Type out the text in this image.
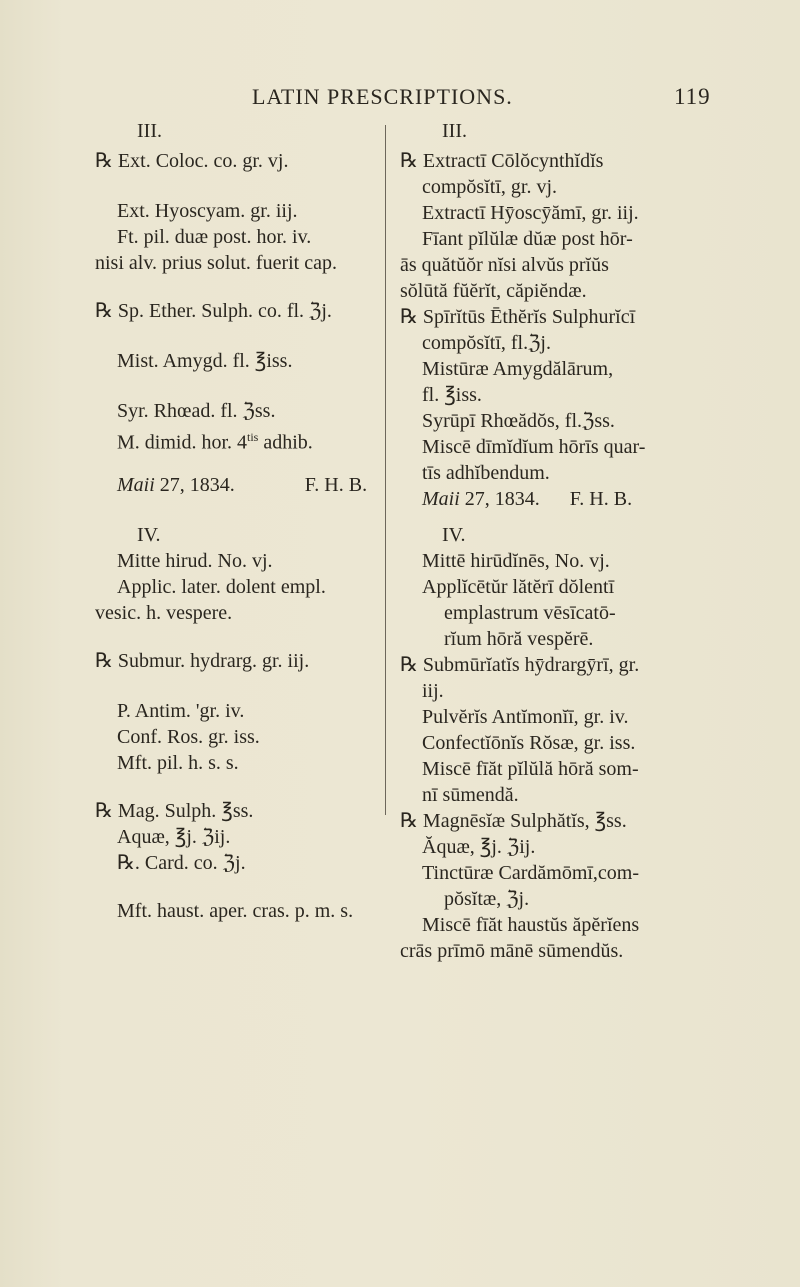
LATIN PRESCRIPTIONS.	119
III.
℞ Ext. Coloc. co. gr. vj.
Ext. Hyoscyam. gr. iij.
Ft. pil. duæ post. hor. iv.
nisi alv. prius solut. fuerit cap.
℞ Sp. Ether. Sulph. co. fl. ℨj.
Mist. Amygd. fl. ℥iss.
Syr. Rhœad. fl. ℨss.
M. dimid. hor. $4^{tis}$ adhib.
Maii 27, 1834.	F. H. B.
IV.
Mitte hirud. No. vj.
Applic. later. dolent empl.
vesic. h. vespere.
℞ Submur. hydrarg. gr. iij.
P. Antim. 'gr. iv.
Conf. Ros. gr. iss.
Mft. pil. h. s. s.
℞ Mag. Sulph. ℥ss.
Aquæ, ℥j. ℨij.
℞. Card. co. ℨj.
Mft. haust. aper. cras. p. m. s.
III.
℞ Extractī Cōlŏcynthĭdĭs
compŏsĭtī, gr. vj.
Extractī Hȳoscȳămī, gr. iij.
Fīant pĭlŭlæ dŭæ post hōr-
ās quătŭŏr nĭsi alvŭs prĭŭs
sŏlūtă fŭĕrĭt, căpiĕndæ.
℞ Spīrĭtūs Ēthĕrĭs Sulphurĭcī
compŏsĭtī, fl.ℨj.
Mistūræ Amygdălārum,
fl. ℥iss.
Syrūpī Rhœădŏs, fl.ℨss.
Miscē dīmĭdĭum hōrīs quar-
tīs adhĭbendum.
Maii 27, 1834. F. H. B.
IV.
Mittē hirūdĭnēs, No. vj.
Applĭcētŭr lătĕrī dŏlentī
emplastrum vēsīcatō-
rĭum hōră vespĕrē.
℞ Submūrĭatĭs hȳdrargȳrī, gr.
iij.
Pulvĕrĭs Antĭmonĭī, gr. iv.
Confectĭōnĭs Rŏsæ, gr. iss.
Miscē fīăt pĭlŭlă hōră som-
nī sūmendă.
℞ Magnēsĭæ Sulphătĭs, ℥ss.
Ăquæ, ℥j. ℨij.
Tinctūræ Cardămōmī,com-
pŏsĭtæ, ℨj.
Miscē fīăt haustŭs ăpĕrĭens
crās prīmō mānē sūmendŭs.
